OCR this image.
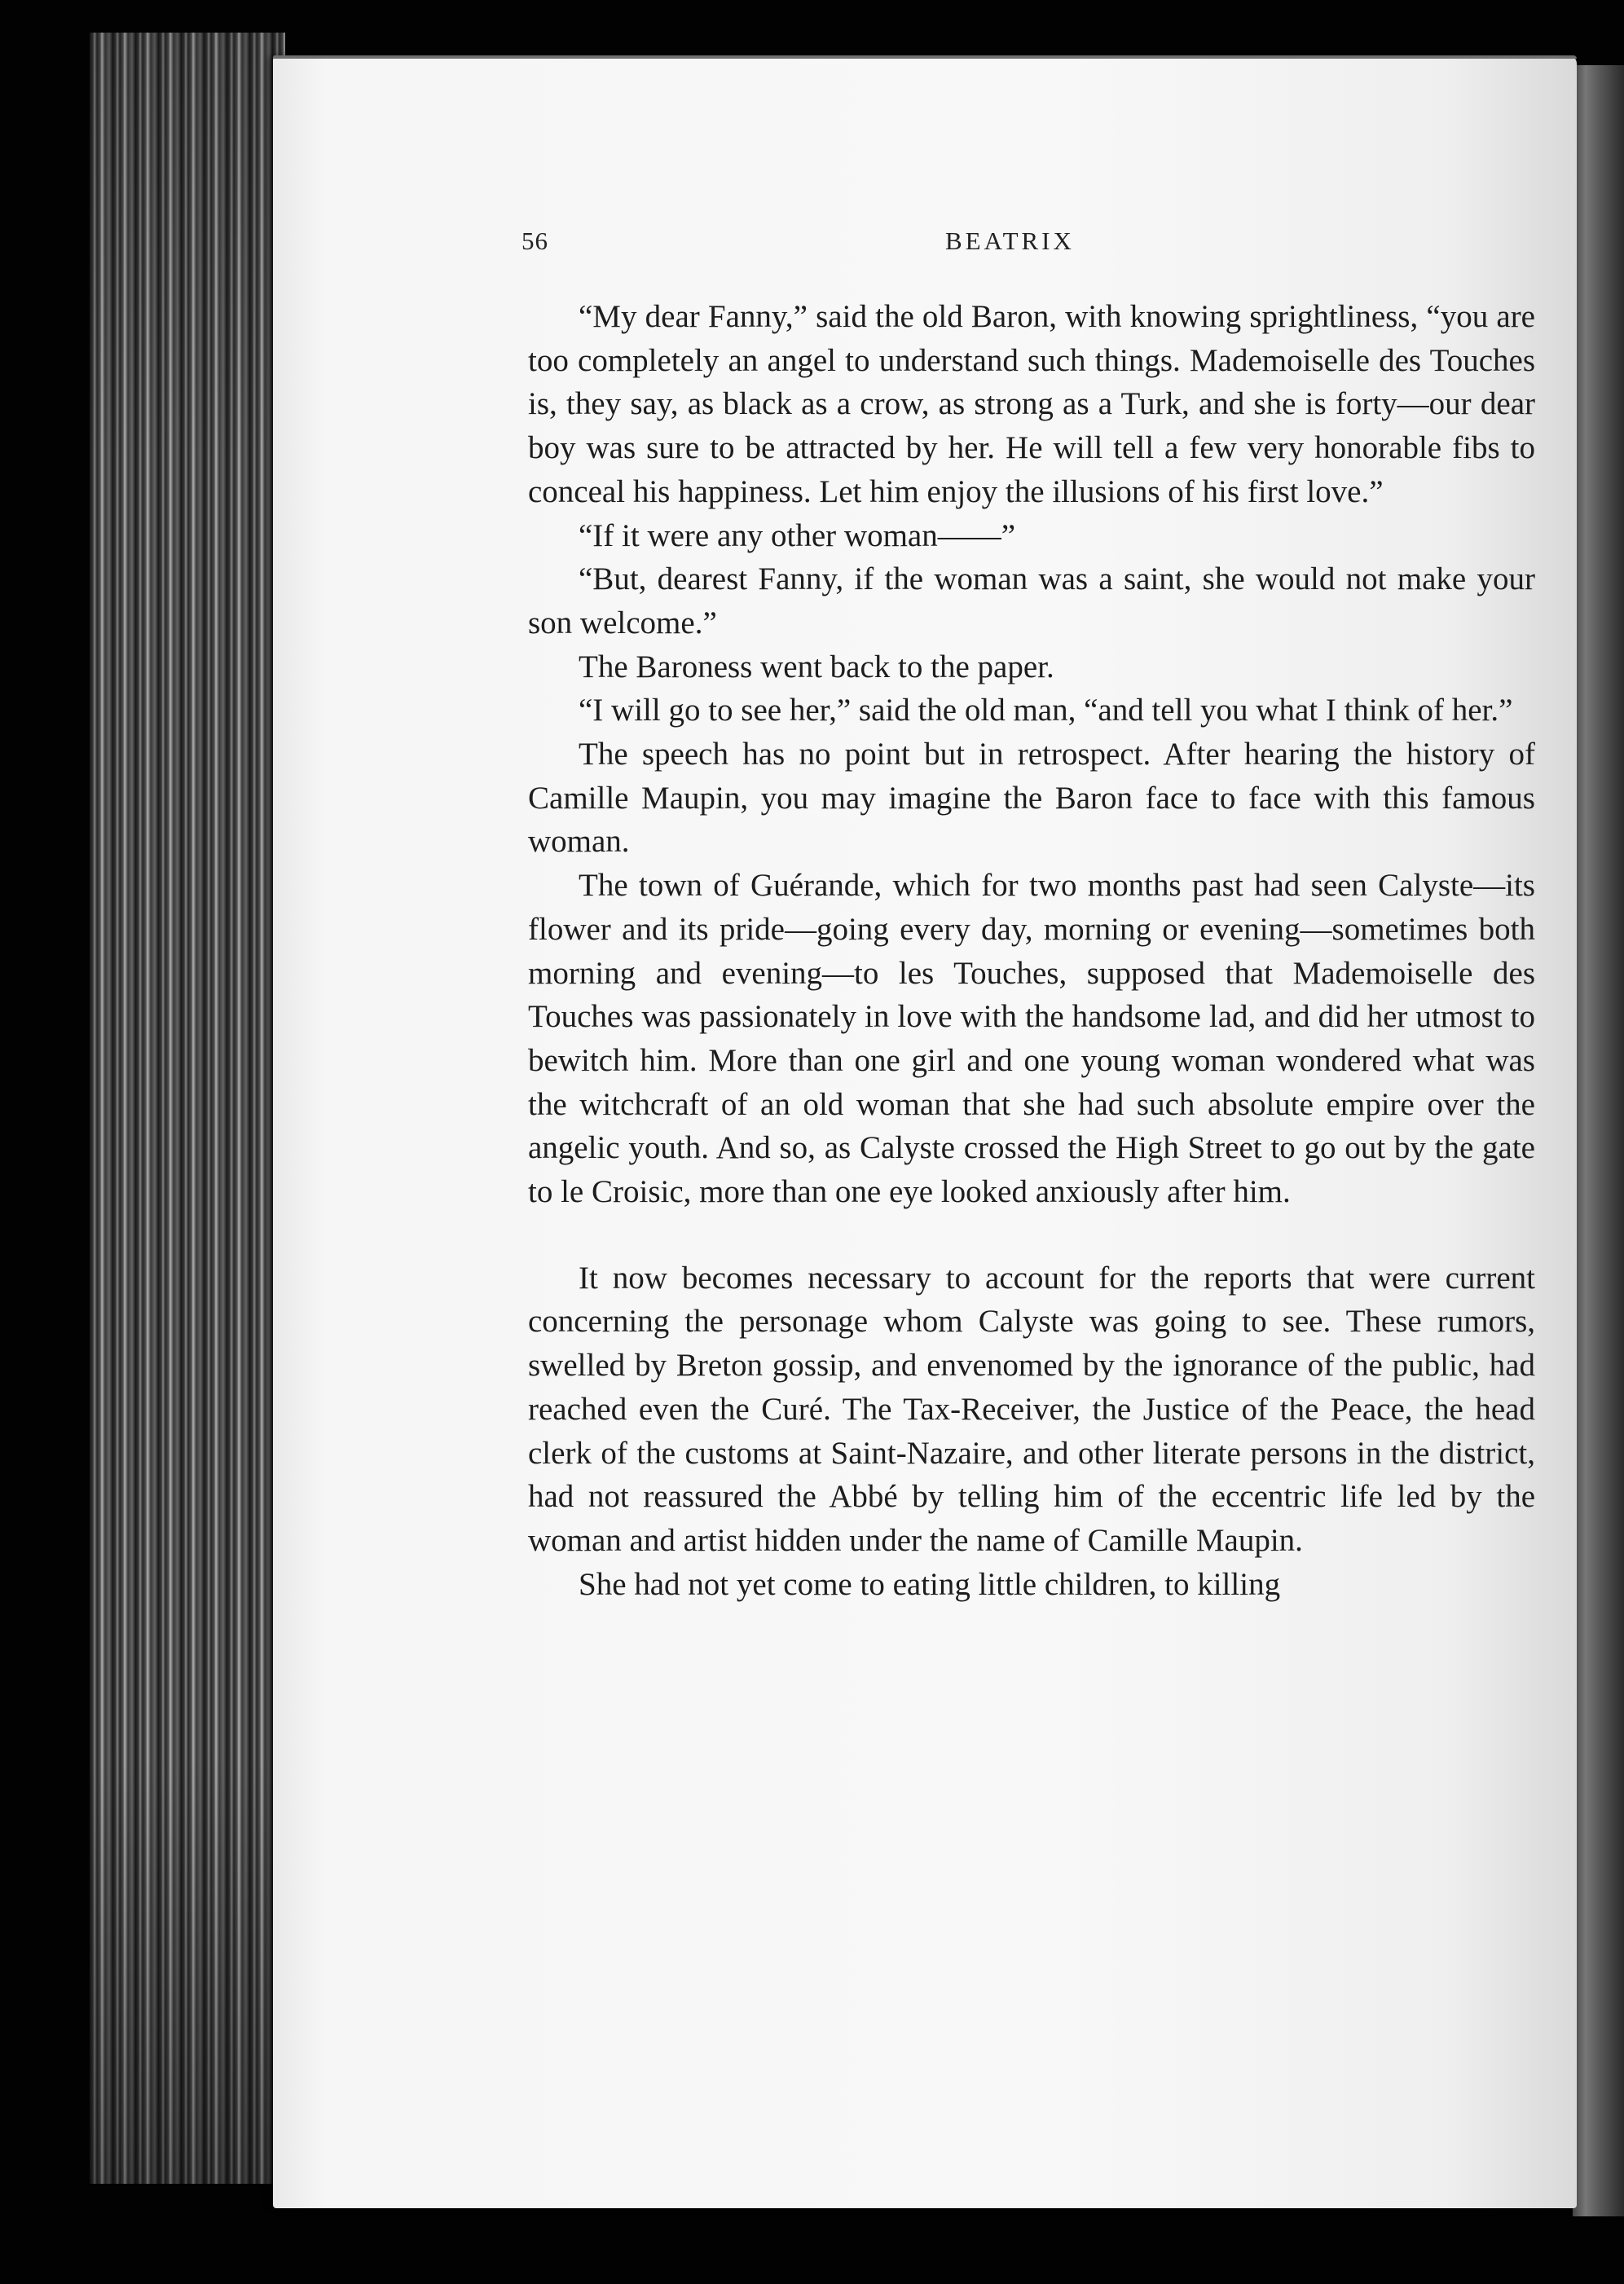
56	BEATRIX

“My dear Fanny,” said the old Baron, with knowing sprightliness, “you are too completely an angel to understand such things. Mademoiselle des Touches is, they say, as black as a crow, as strong as a Turk, and she is forty—our dear boy was sure to be attracted by her. He will tell a few very honorable fibs to conceal his happiness. Let him enjoy the illusions of his first love.”

“If it were any other woman——”

“But, dearest Fanny, if the woman was a saint, she would not make your son welcome.”

The Baroness went back to the paper.

“I will go to see her,” said the old man, “and tell you what I think of her.”

The speech has no point but in retrospect. After hearing the history of Camille Maupin, you may imagine the Baron face to face with this famous woman.

The town of Guérande, which for two months past had seen Calyste—its flower and its pride—going every day, morning or evening—sometimes both morning and evening—to les Touches, supposed that Mademoiselle des Touches was passionately in love with the handsome lad, and did her utmost to bewitch him. More than one girl and one young woman wondered what was the witchcraft of an old woman that she had such absolute empire over the angelic youth. And so, as Calyste crossed the High Street to go out by the gate to le Croisic, more than one eye looked anxiously after him.

It now becomes necessary to account for the reports that were current concerning the personage whom Calyste was going to see. These rumors, swelled by Breton gossip, and envenomed by the ignorance of the public, had reached even the Curé. The Tax-Receiver, the Justice of the Peace, the head clerk of the customs at Saint-Nazaire, and other literate persons in the district, had not reassured the Abbé by telling him of the eccentric life led by the woman and artist hidden under the name of Camille Maupin.

She had not yet come to eating little children, to killing
